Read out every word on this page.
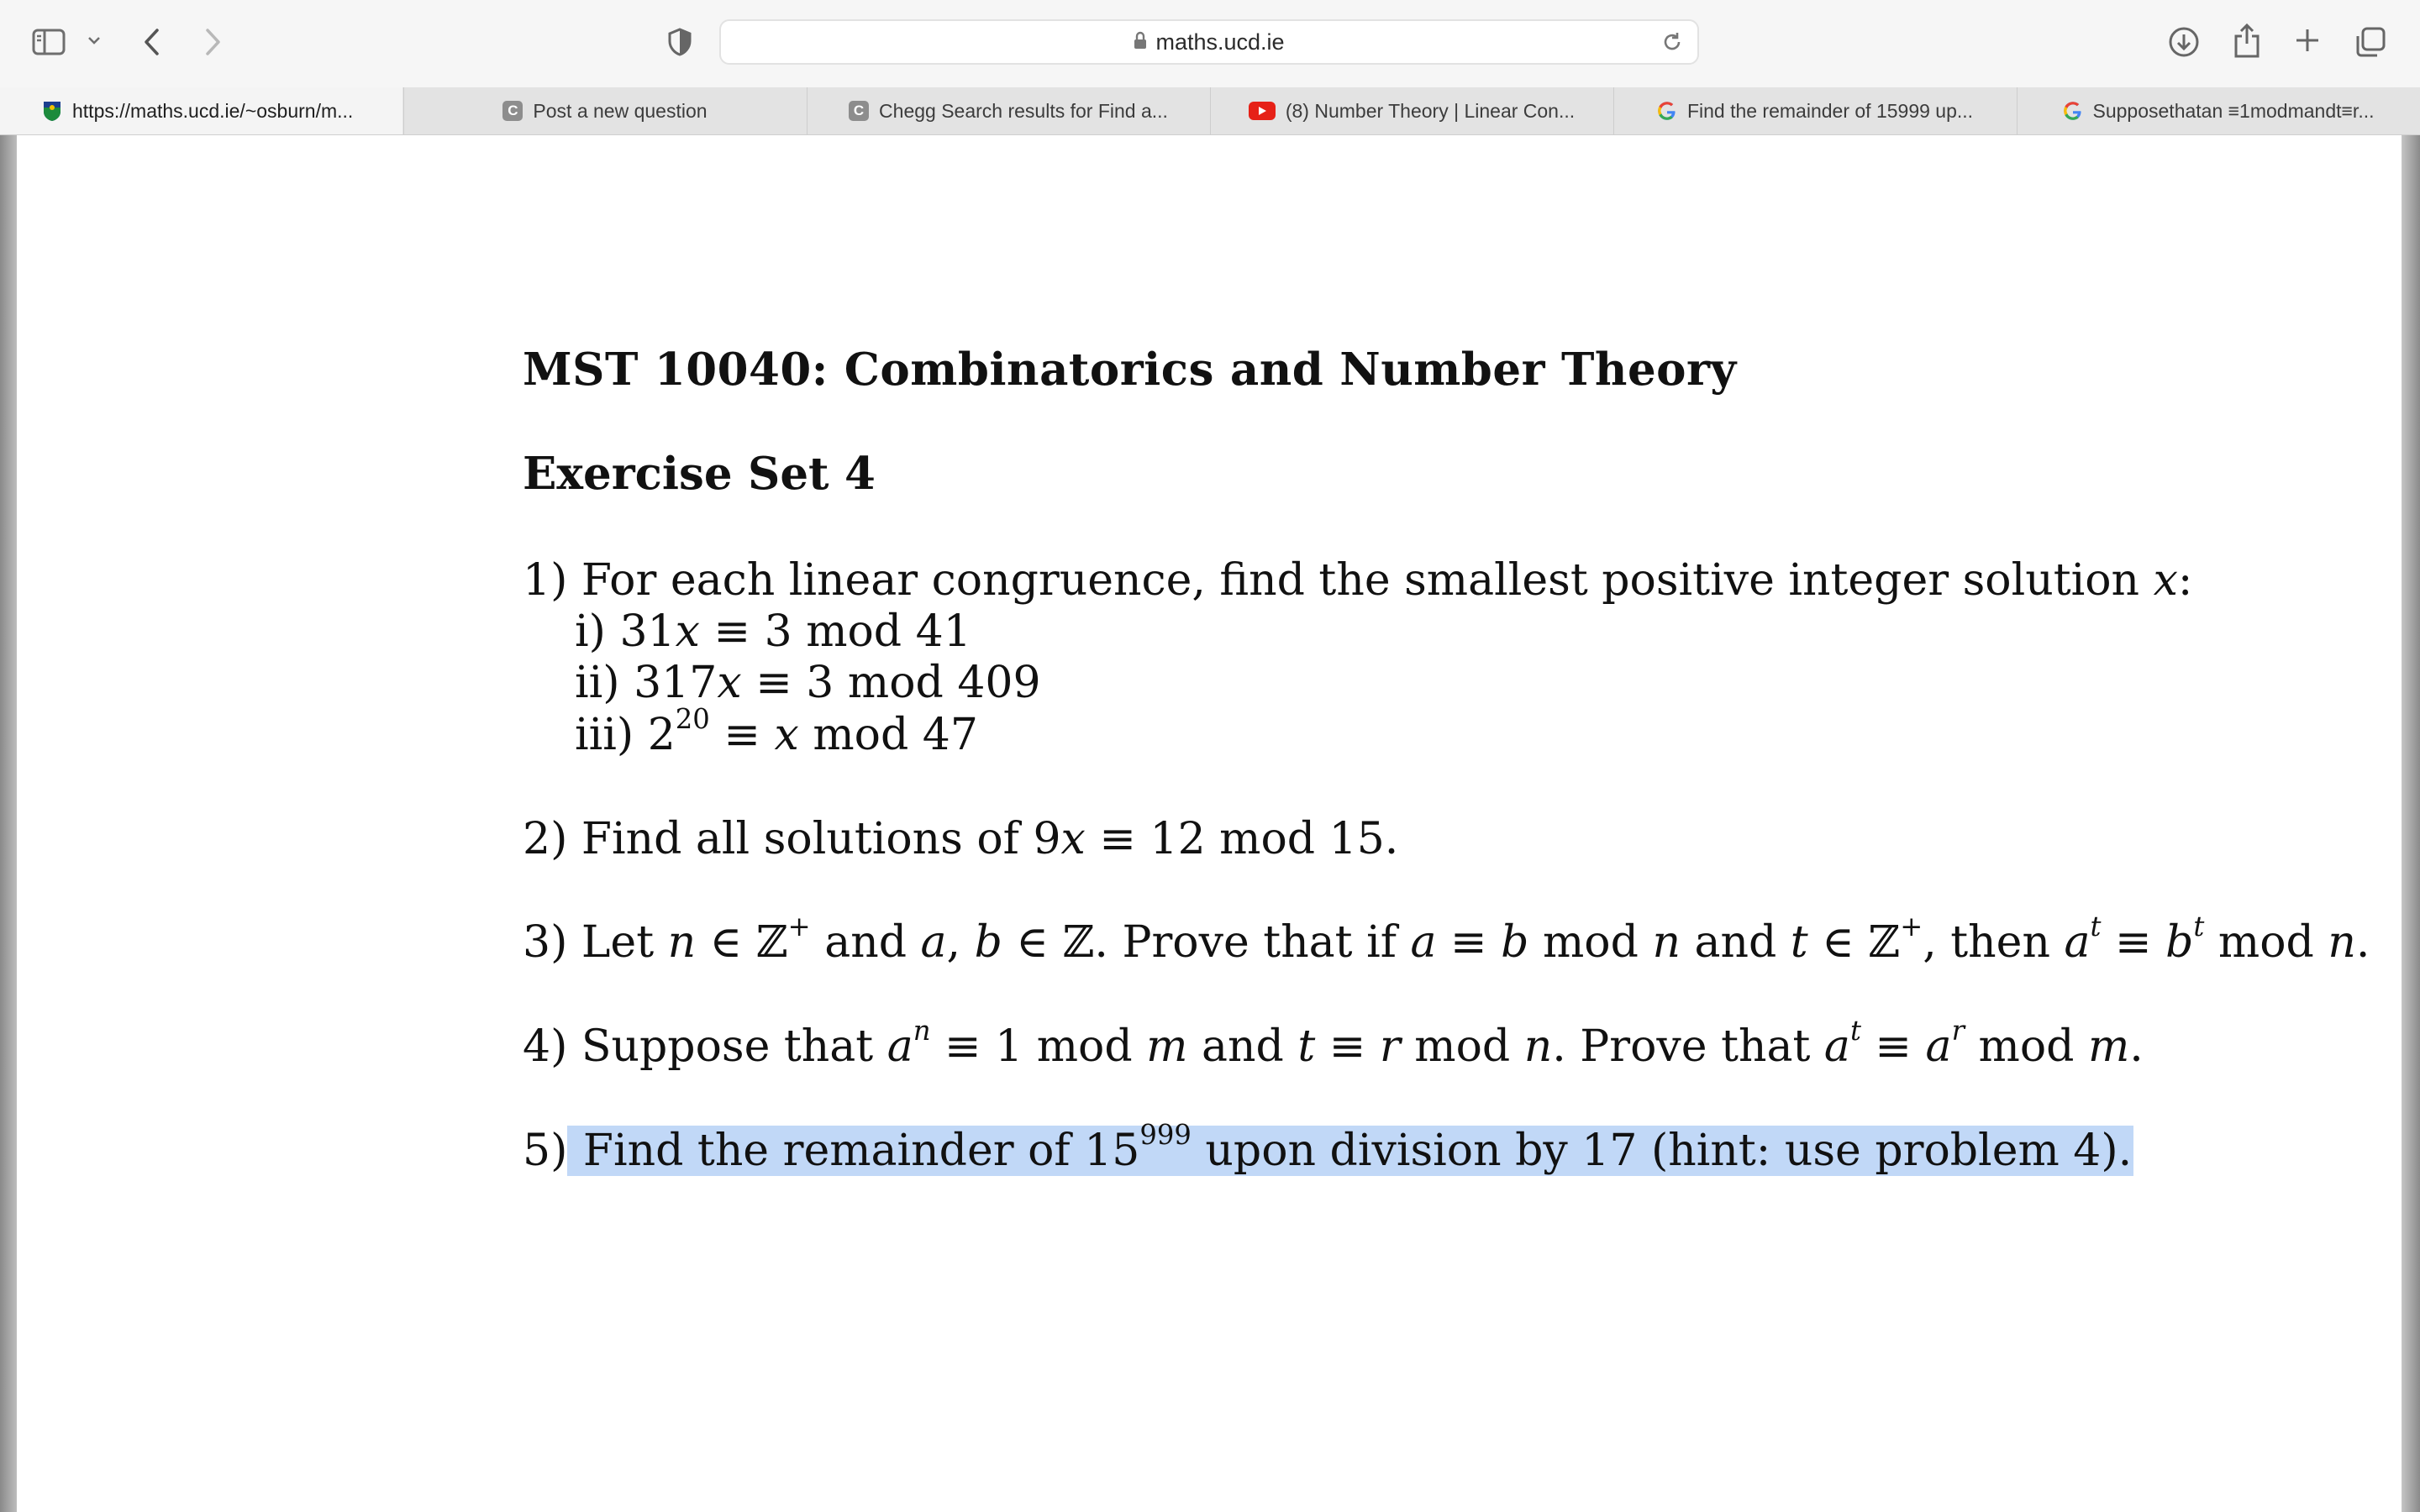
maths.ucd.ie
https://maths.ucd.ie/~osburn/m...	C Post a new question	C Chegg Search results for Find a...	(8) Number Theory | Linear Con...	Find the remainder of 15999 up...	Supposethatan ≡1modmandt≡r...
MST 10040: Combinatorics and Number Theory
Exercise Set 4
1) For each linear congruence, find the smallest positive integer solution x:
i) 31x ≡ 3 mod 41
ii) 317x ≡ 3 mod 409
iii) $2^{20} \equiv x$ mod 47
2) Find all solutions of 9x ≡ 12 mod 15.
3) Let n ∈ ℤ+ and a, b ∈ ℤ. Prove that if a ≡ b mod n and t ∈ ℤ+, then $a^t \equiv b^t$ mod n.
4) Suppose that $a^n \equiv 1$ mod m and t ≡ r mod n. Prove that $a^t \equiv a^r$ mod m.
5) Find the remainder of $15^{999}$ upon division by 17 (hint: use problem 4).
